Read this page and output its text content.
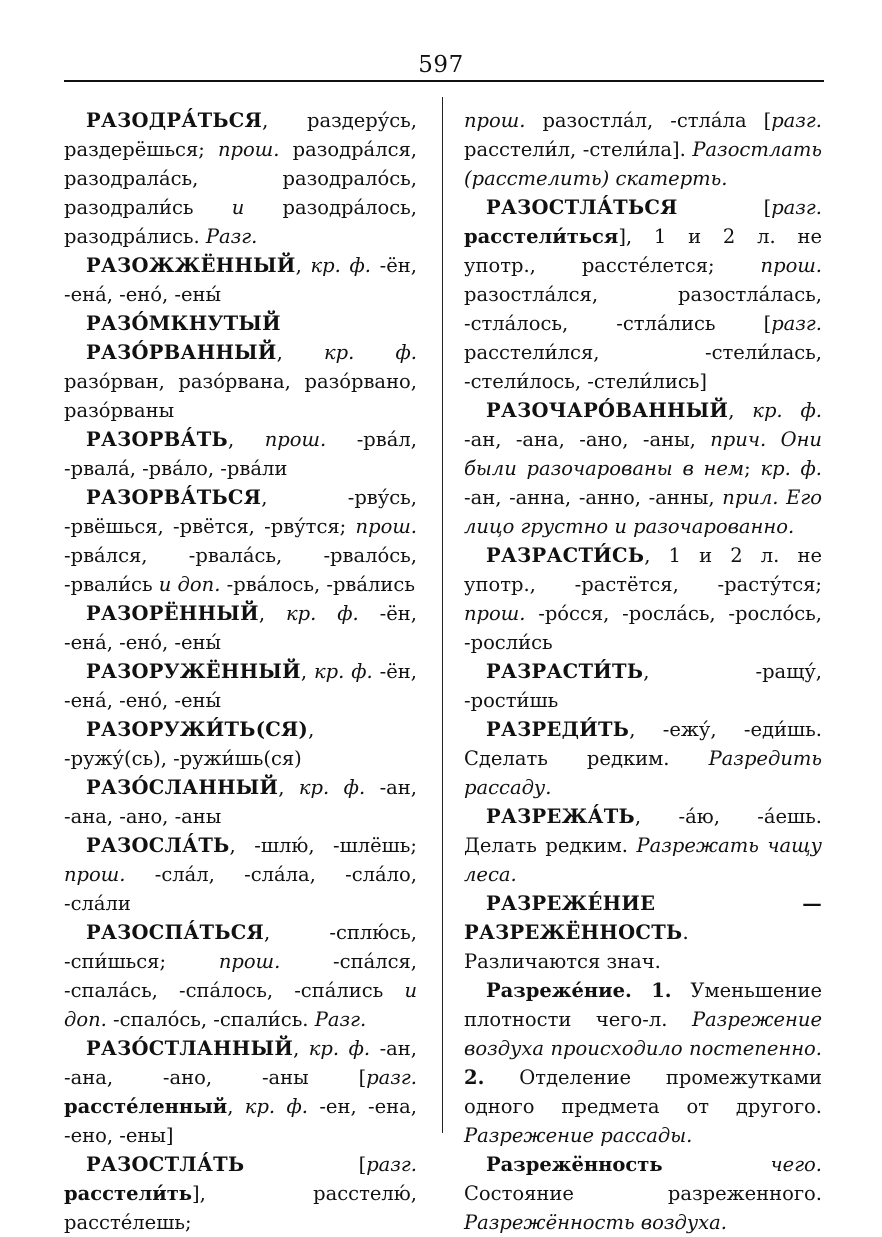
597

РАЗОДРА́ТЬСЯ, раздеру́сь, раздерёшься; прош. разодра́лся, разодрала́сь, разодрало́сь, разодрали́сь и разодра́лось, разодра́лись. Разг.

РАЗОЖЖЁННЫЙ, кр. ф. -ён, -ена́, -ено́, -ены́

РАЗО́МКНУТЫЙ

РАЗО́РВАННЫЙ, кр. ф. разо́рван, разо́рвана, разо́рвано, разо́рваны

РАЗОРВА́ТЬ, прош. -рва́л, -рвала́, -рва́ло, -рва́ли

РАЗОРВА́ТЬСЯ, -рву́сь, -рвёшься, -рвётся, -рву́тся; прош. -рва́лся, -рвала́сь, -рвало́сь, -рвали́сь и доп. -рва́лось, -рва́лись

РАЗОРЁННЫЙ, кр. ф. -ён, -ена́, -ено́, -ены́

РАЗОРУЖЁННЫЙ, кр. ф. -ён, -ена́, -ено́, -ены́

РАЗОРУЖИ́ТЬ(СЯ), -ружу́(сь), -ружи́шь(ся)

РАЗО́СЛАННЫЙ, кр. ф. -ан, -ана, -ано, -аны

РАЗОСЛА́ТЬ, -шлю́, -шлёшь; прош. -сла́л, -сла́ла, -сла́ло, -сла́ли

РАЗОСПА́ТЬСЯ, -сплю́сь, -спи́шься; прош. -спа́лся, -спала́сь, -спа́лось, -спа́лись и доп. -спало́сь, -спали́сь. Разг.

РАЗО́СТЛАННЫЙ, кр. ф. -ан, -ана, -ано, -аны [разг. расстéленный, кр. ф. -ен, -ена, -ено, -ены]

РАЗОСТЛА́ТЬ [разг. расстели́ть], расстелю́, расстéлешь;

прош. разостла́л, -стла́ла [разг. расстели́л, -стели́ла]. Разостлать (расстелить) скатерть.

РАЗОСТЛА́ТЬСЯ [разг. расстели́ться], 1 и 2 л. не употр., расстéлется; прош. разостла́лся, разостла́лась, -стла́лось, -стла́лись [разг. расстели́лся, -стели́лась, -стели́лось, -стели́лись]

РАЗОЧАРО́ВАННЫЙ, кр. ф. -ан, -ана, -ано, -аны, прич. Они были разочарованы в нем; кр. ф. -ан, -анна, -анно, -анны, прил. Его лицо грустно и разочарованно.

РАЗРАСТИ́СЬ, 1 и 2 л. не употр., -растётся, -расту́тся; прош. -ро́сся, -росла́сь, -росло́сь, -росли́сь

РАЗРАСТИ́ТЬ, -ращу́, -рости́шь

РАЗРЕДИ́ТЬ, -ежу́, -еди́шь. Сделать редким. Разредить рассаду.

РАЗРЕЖА́ТЬ, -а́ю, -а́ешь. Делать редким. Разрежать чащу леса.

РАЗРЕЖЕ́НИЕ — РАЗРЕЖЁННОСТЬ. Различаются знач.

Разреже́ние. 1. Уменьшение плотности чего-л. Разрежение воздуха происходило постепенно. 2. Отделение промежутками одного предмета от другого. Разрежение рассады.

Разрежённость	чего. Состояние разреженного. Разрежённость воздуха.
